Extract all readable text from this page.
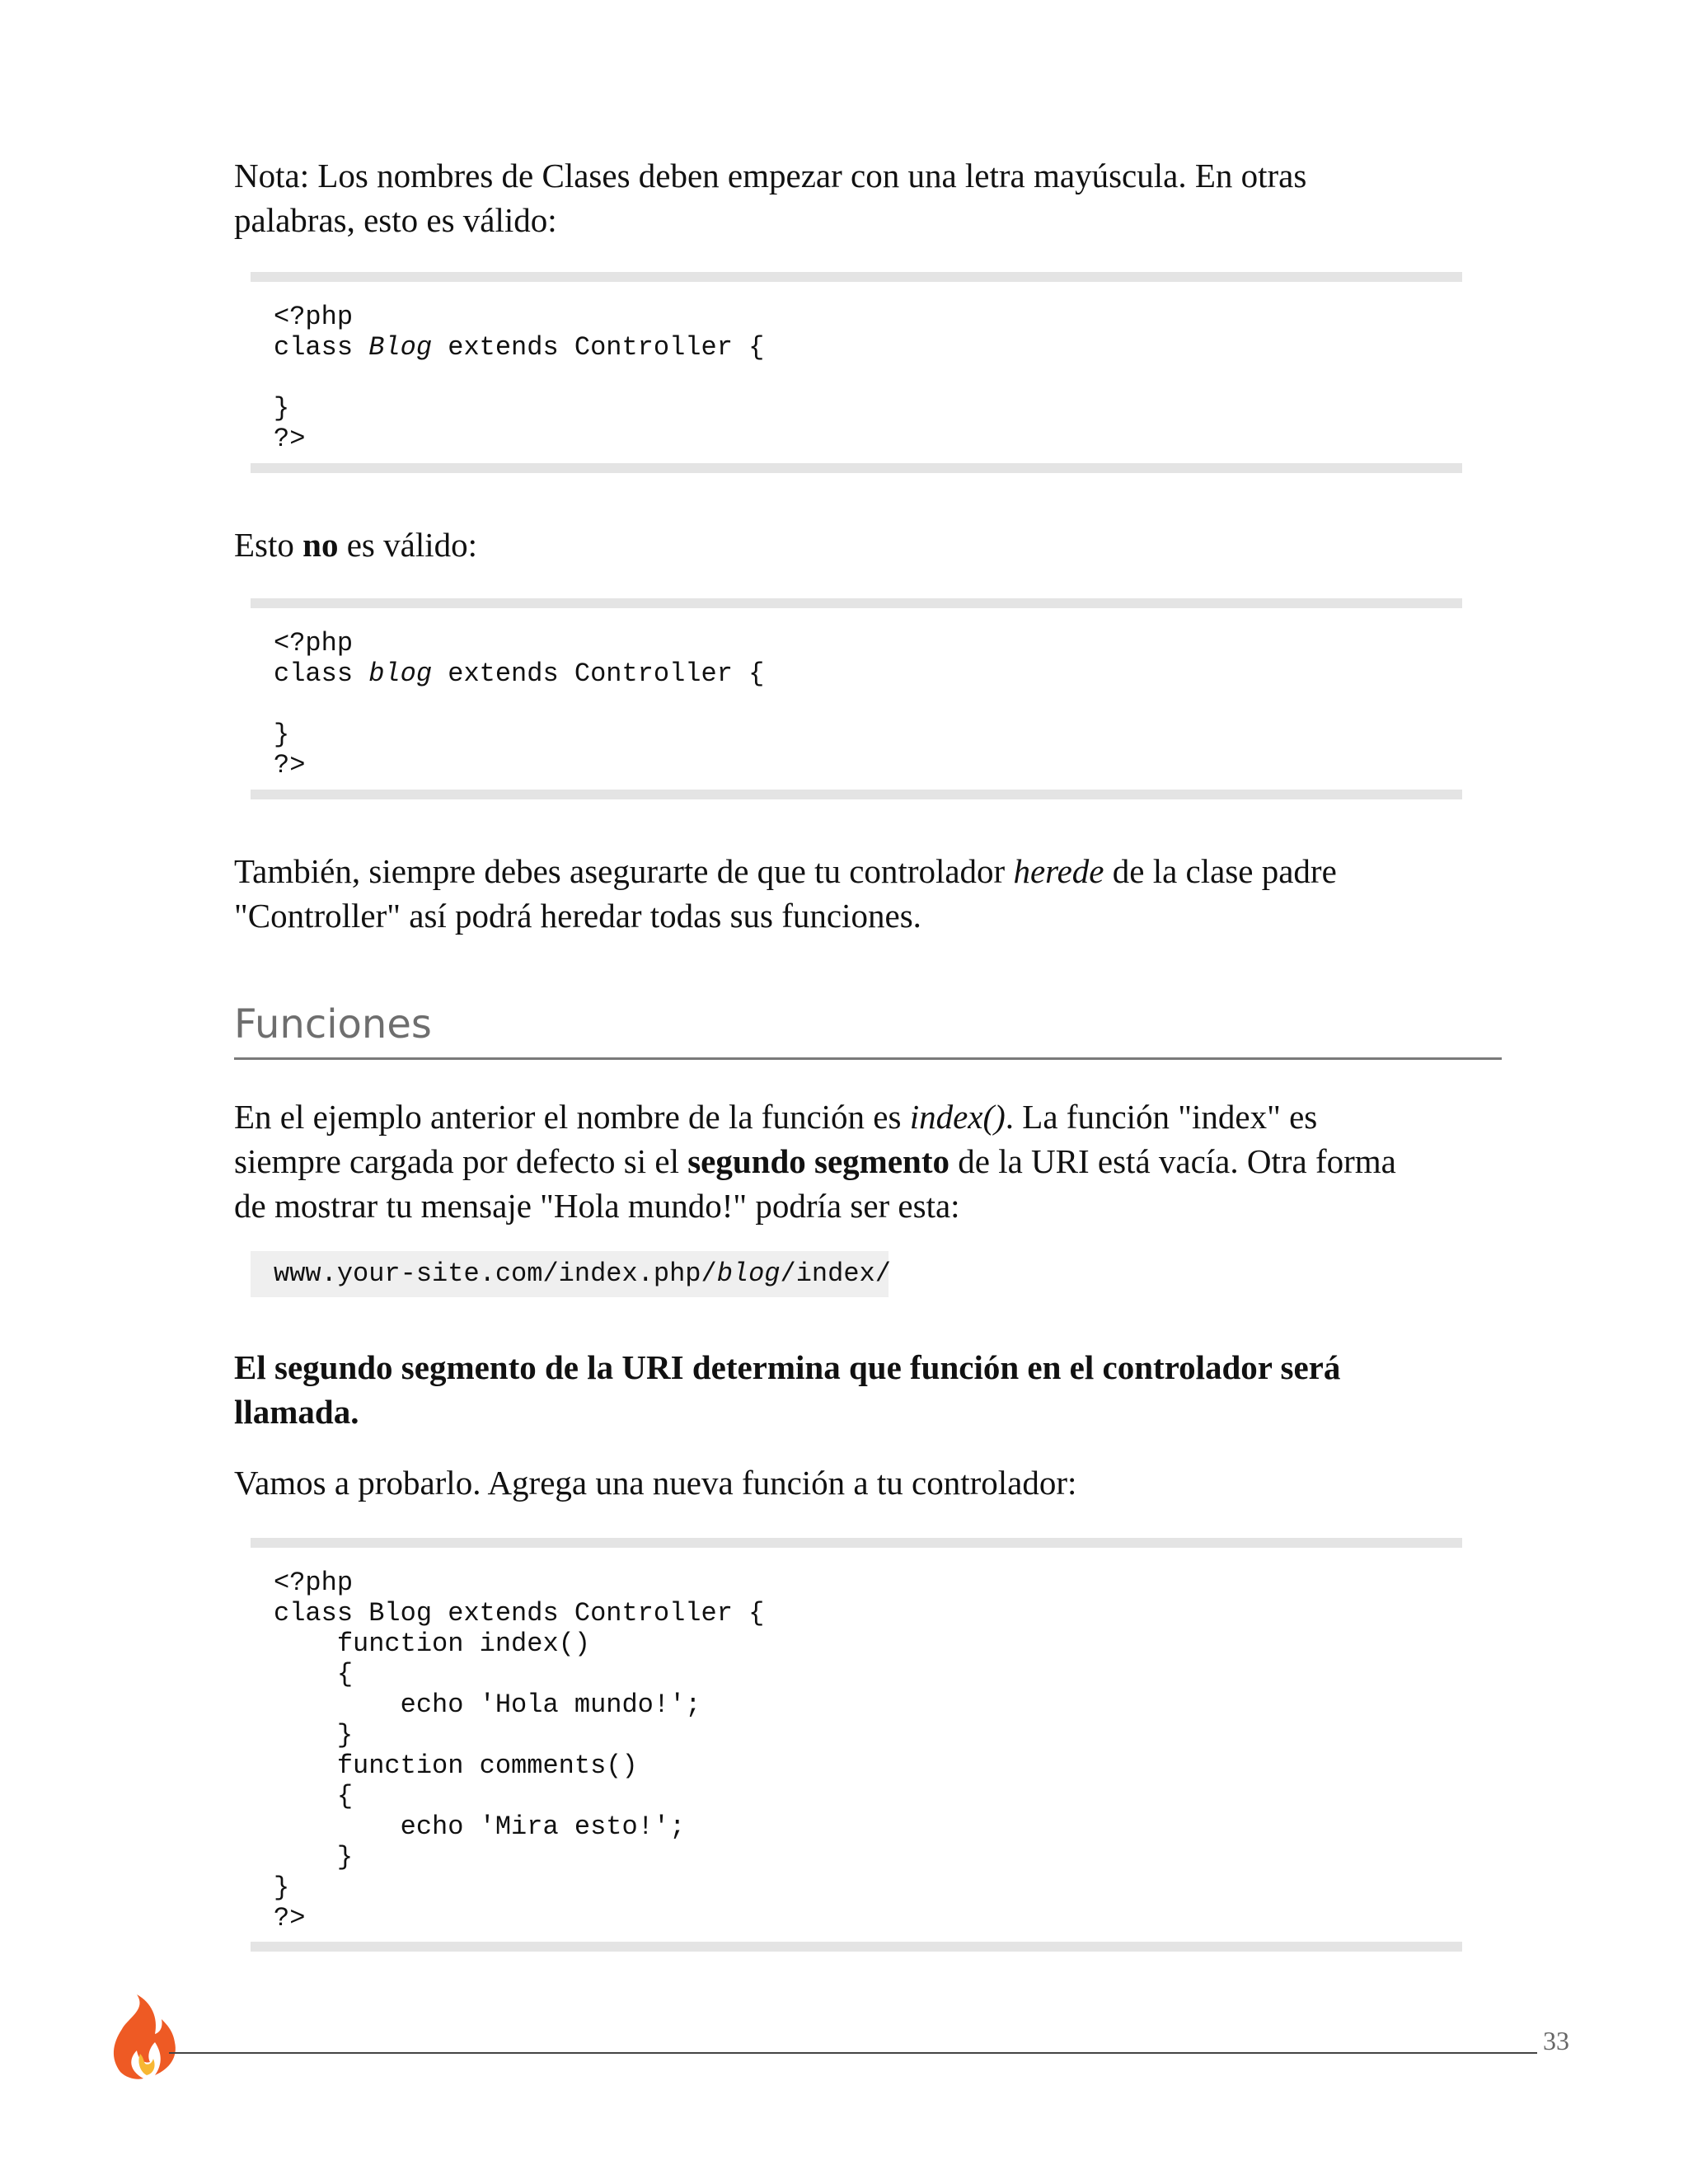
Nota: Los nombres de Clases deben empezar con una letra mayúscula. En otras
palabras, esto es válido:

<?php
class Blog extends Controller {

}
?>

Esto no es válido:

<?php
class blog extends Controller {

}
?>

También, siempre debes asegurarte de que tu controlador herede de la clase padre
"Controller" así podrá heredar todas sus funciones.

Funciones

En el ejemplo anterior el nombre de la función es index(). La función "index" es
siempre cargada por defecto si el segundo segmento de la URI está vacía. Otra forma
de mostrar tu mensaje "Hola mundo!" podría ser esta:

www.your-site.com/index.php/blog/index/

El segundo segmento de la URI determina que función en el controlador será
llamada.

Vamos a probarlo. Agrega una nueva función a tu controlador:

<?php
class Blog extends Controller {
function index()
{
echo 'Hola mundo!';
}
function comments()
{
echo 'Mira esto!';
}
}
?>
33
